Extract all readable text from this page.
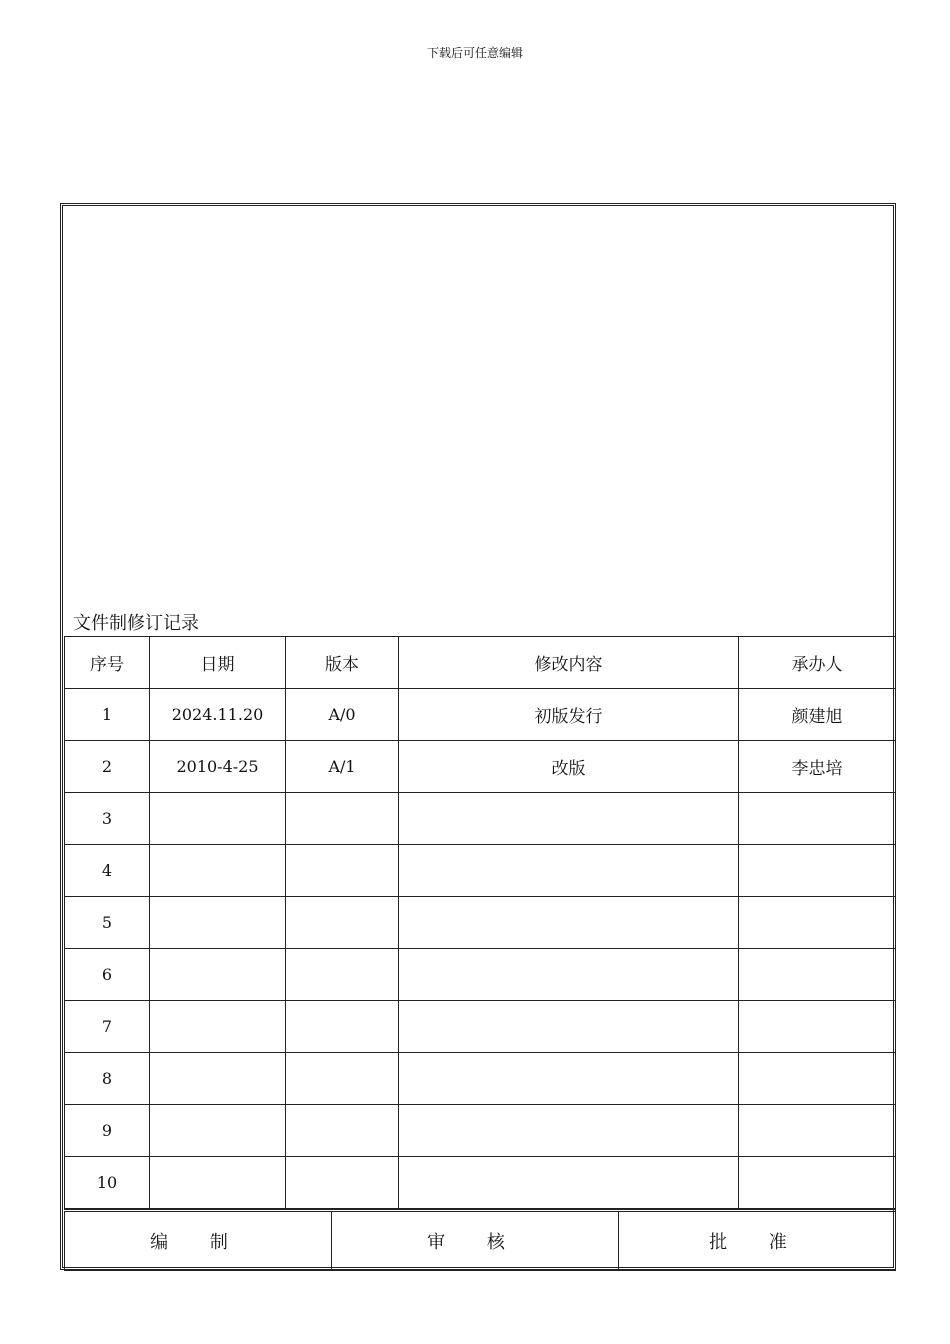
下载后可任意编辑
文件制修订记录
序号	日期	版本	修改内容	承办人
1	2024.11.20	A/0	初版发行	颜建旭
2	2010-4-25	A/1	改版	李忠培
3				
4				
5				
6				
7				
8				
9				
10				
编 制	审 核	批 准
